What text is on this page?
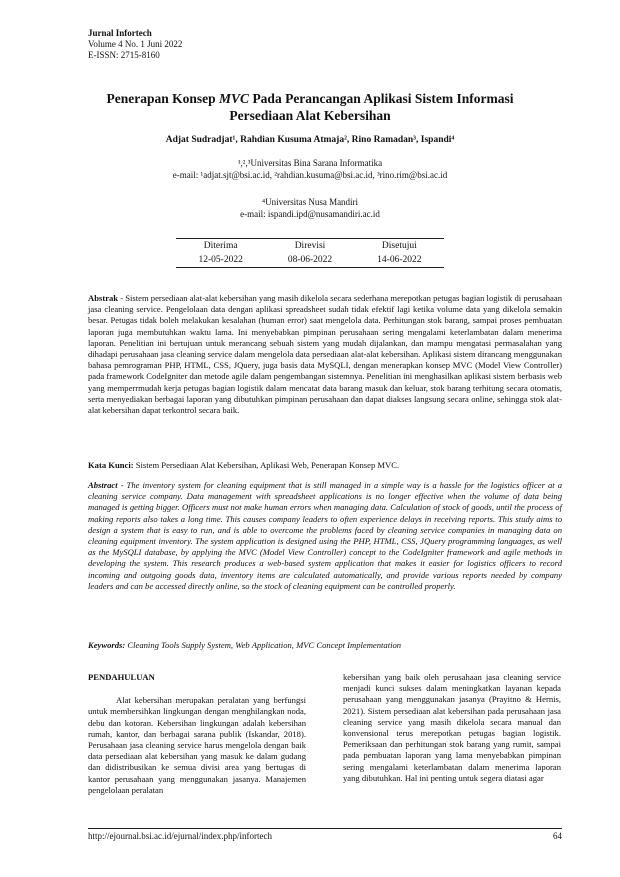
Jurnal Infortech
Volume 4 No. 1 Juni 2022
E-ISSN: 2715-8160
Penerapan Konsep MVC Pada Perancangan Aplikasi Sistem Informasi Persediaan Alat Kebersihan
Adjat Sudradjat¹, Rahdian Kusuma Atmaja², Rino Ramadan³, Ispandi⁴
¹,²,³Universitas Bina Sarana Informatika
e-mail: ¹adjat.sjt@bsi.ac.id, ²rahdian.kusuma@bsi.ac.id, ³rino.rim@bsi.ac.id
⁴Universitas Nusa Mandiri
e-mail: ispandi.ipd@nusamandiri.ac.id
Diterima	Direvisi	Disetujui
12-05-2022	08-06-2022	14-06-2022
Abstrak - Sistem persediaan alat-alat kebersihan yang masih dikelola secara sederhana merepotkan petugas bagian logistik di perusahaan jasa cleaning service. Pengelolaan data dengan aplikasi spreadsheet sudah tidak efektif lagi ketika volume data yang dikelola semakin besar. Petugas tidak boleh melakukan kesalahan (human error) saat mengelola data. Perhitungan stok barang, sampai proses pembuatan laporan juga membutuhkan waktu lama. Ini menyebabkan pimpinan perusahaan sering mengalami keterlambatan dalam menerima laporan. Penelitian ini bertujuan untuk merancang sebuah sistem yang mudah dijalankan, dan mampu mengatasi permasalahan yang dihadapi perusahaan jasa cleaning service dalam mengelola data persediaan alat-alat kebersihan. Aplikasi sistem dirancang menggunakan bahasa pemrograman PHP, HTML, CSS, JQuery, juga basis data MySQLI, dengan menerapkan konsep MVC (Model View Controller) pada framework CodeIgniter dan metode agile dalam pengembangan sistemnya. Penelitian ini menghasilkan aplikasi sistem berbasis web yang memperrmudah kerja petugas bagian logistik dalam mencatat data barang masuk dan keluar, stok barang terhitung secara otomatis, serta menyediakan berbagai laporan yang dibutuhkan pimpinan perusahaan dan dapat diakses langsung secara online, sehingga stok alat-alat kebersihan dapat terkontrol secara baik.
Kata Kunci: Sistem Persediaan Alat Kebersihan, Aplikasi Web, Penerapan Konsep MVC.
Abstract - The inventory system for cleaning equipment that is still managed in a simple way is a hassle for the logistics officer at a cleaning service company. Data management with spreadsheet applications is no longer effective when the volume of data being managed is getting bigger. Officers must not make human errors when managing data. Calculation of stock of goods, until the process of making reports also takes a long time. This causes company leaders to often experience delays in receiving reports. This study aims to design a system that is easy to run, and is able to overcome the problems faced by cleaning service companies in managing data on cleaning equipment inventory. The system application is designed using the PHP, HTML, CSS, JQuery programming languages, as well as the MySQLI database, by applying the MVC (Model View Controller) concept to the CodeIgniter framework and agile methods in developing the system. This research produces a web-based system application that makes it easier for logistics officers to record incoming and outgoing goods data, inventory items are calculated automatically, and provide various reports needed by company leaders and can be accessed directly online, so the stock of cleaning equipment can be controlled properly.
Keywords: Cleaning Tools Supply System, Web Application, MVC Concept Implementation
PENDAHULUAN

Alat kebersihan merupakan peralatan yang berfungsi untuk membersihkan lingkungan dengan menghilangkan noda, debu dan kotoran. Kebersihan lingkungan adalah kebersihan rumah, kantor, dan berbagai sarana publik (Iskandar, 2018). Perusahaan jasa cleaning service harus mengelola dengan baik data persediaan alat kebersihan yang masuk ke dalam gudang dan didistribusikan ke semua divisi area yang bertugas di kantor perusahaan yang menggunakan jasanya. Manajemen pengelolaan peralatan

kebersihan yang baik oleh perusahaan jasa cleaning service menjadi kunci sukses dalam meningkatkan layanan kepada perusahaan yang menggunakan jasanya (Prayitno & Hernis, 2021). Sistem persediaan alat kebersihan pada perusahaan jasa cleaning service yang masih dikelola secara manual dan konvensional terus merepotkan petugas bagian logistik. Pemeriksaan dan perhitungan stok barang yang rumit, sampai pada pembuatan laporan yang lama menyebabkan pimpinan sering mengalami keterlambatan dalam menerima laporan yang dibutuhkan. Hal ini penting untuk segera diatasi agar

http://ejournal.bsi.ac.id/ejurnal/index.php/infortech	64
